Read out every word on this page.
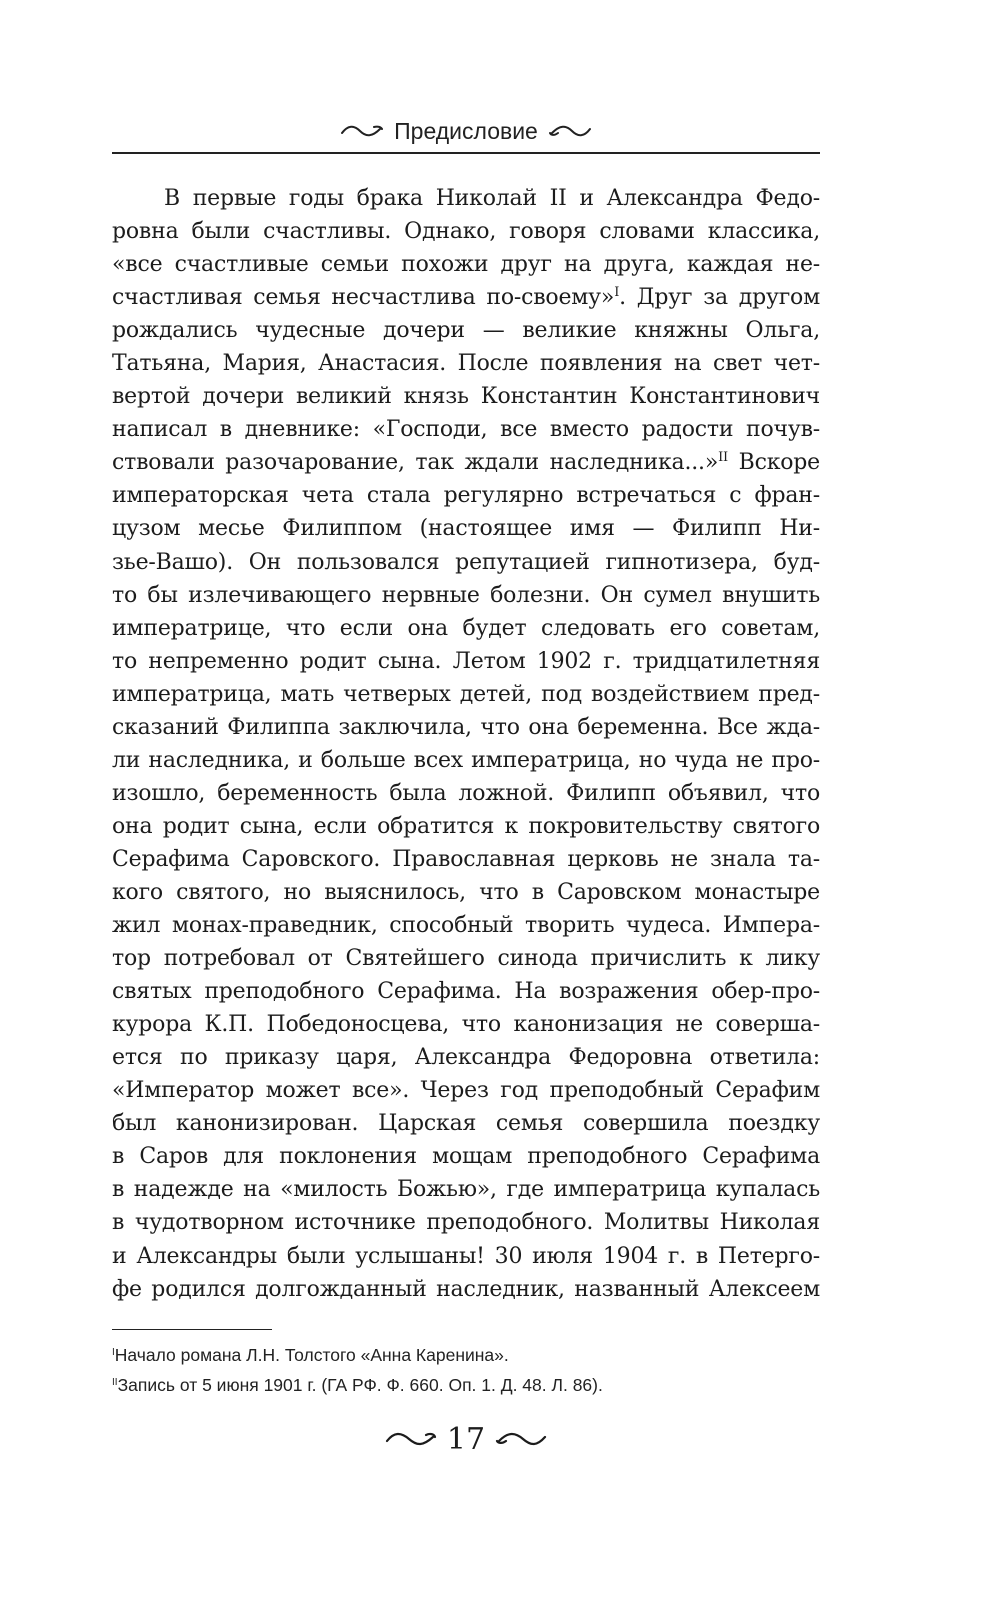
Предисловие
В первые годы брака Николай II и Александра Федо-
ровна были счастливы. Однако, говоря словами классика,
«все счастливые семьи похожи друг на друга, каждая не-
счастливая семья несчастлива по-своему»$^I$. Друг за другом
рождались чудесные дочери — великие княжны Ольга,
Татьяна, Мария, Анастасия. После появления на свет чет-
вертой дочери великий князь Константин Константинович
написал в дневнике: «Господи, все вместо радости почув-
ствовали разочарование, так ждали наследника...»$^{II}$ Вскоре
императорская чета стала регулярно встречаться с фран-
цузом месье Филиппом (настоящее имя — Филипп Ни-
зье-Вашо). Он пользовался репутацией гипнотизера, буд-
то бы излечивающего нервные болезни. Он сумел внушить
императрице, что если она будет следовать его советам,
то непременно родит сына. Летом 1902 г. тридцатилетняя
императрица, мать четверых детей, под воздействием пред-
сказаний Филиппа заключила, что она беременна. Все жда-
ли наследника, и больше всех императрица, но чуда не про-
изошло, беременность была ложной. Филипп объявил, что
она родит сына, если обратится к покровительству святого
Серафима Саровского. Православная церковь не знала та-
кого святого, но выяснилось, что в Саровском монастыре
жил монах-праведник, способный творить чудеса. Импера-
тор потребовал от Святейшего синода причислить к лику
святых преподобного Серафима. На возражения обер-про-
курора К.П. Победоносцева, что канонизация не соверша-
ется по приказу царя, Александра Федоровна ответила:
«Император может все». Через год преподобный Серафим
был канонизирован. Царская семья совершила поездку
в Саров для поклонения мощам преподобного Серафима
в надежде на «милость Божью», где императрица купалась
в чудотворном источнике преподобного. Молитвы Николая
и Александры были услышаны! 30 июля 1904 г. в Петерго-
фе родился долгожданный наследник, названный Алексеем
$^I$Начало романа Л.Н. Толстого «Анна Каренина».
$^{II}$Запись от 5 июня 1901 г. (ГА РФ. Ф. 660. Оп. 1. Д. 48. Л. 86).
17
